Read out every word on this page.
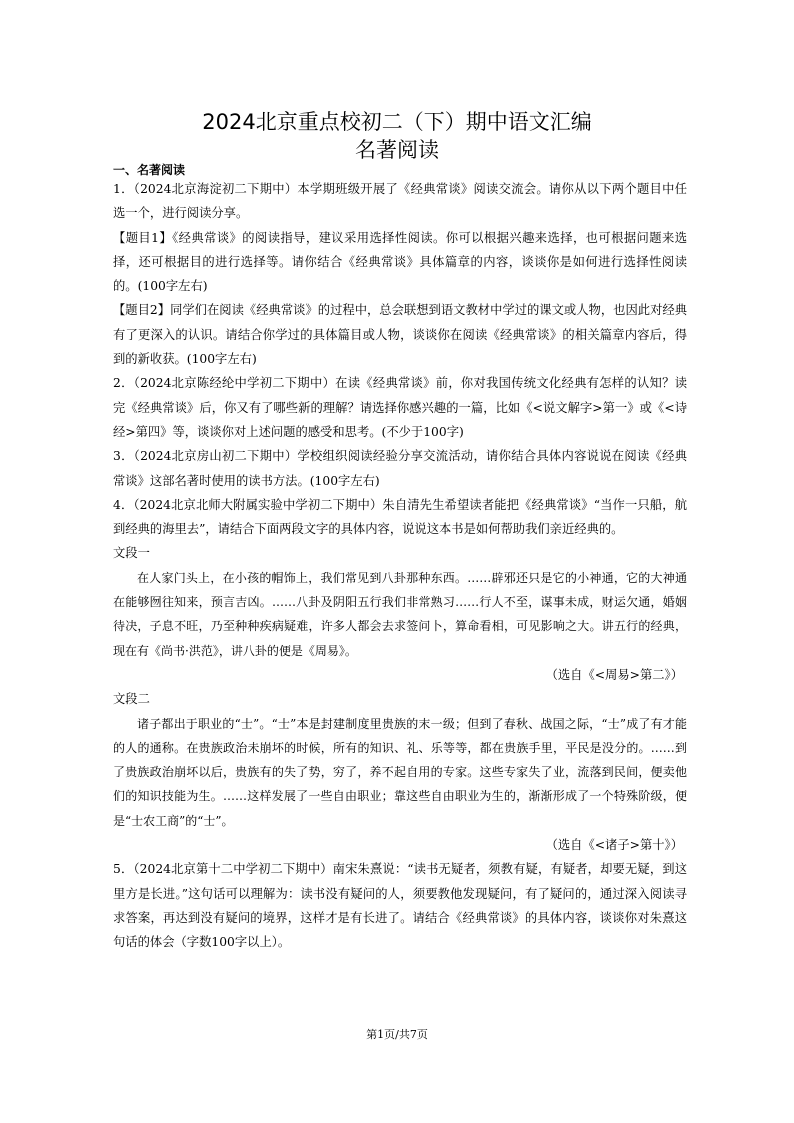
2024北京重点校初二（下）期中语文汇编
名著阅读
一、名著阅读

1．（2024北京海淀初二下期中）本学期班级开展了《经典常谈》阅读交流会。请你从以下两个题目中任选一个，进行阅读分享。

【题目1】《经典常谈》的阅读指导，建议采用选择性阅读。你可以根据兴趣来选择，也可根据问题来选择，还可根据目的进行选择等。请你结合《经典常谈》具体篇章的内容，谈谈你是如何进行选择性阅读的。(100字左右)

【题目2】同学们在阅读《经典常谈》的过程中，总会联想到语文教材中学过的课文或人物，也因此对经典有了更深入的认识。请结合你学过的具体篇目或人物，谈谈你在阅读《经典常谈》的相关篇章内容后，得到的新收获。(100字左右)

2．（2024北京陈经纶中学初二下期中）在读《经典常谈》前，你对我国传统文化经典有怎样的认知？读完《经典常谈》后，你又有了哪些新的理解？请选择你感兴趣的一篇，比如《<说文解字>第一》或《<诗经>第四》等，谈谈你对上述问题的感受和思考。(不少于100字)

3．（2024北京房山初二下期中）学校组织阅读经验分享交流活动，请你结合具体内容说说在阅读《经典常谈》这部名著时使用的读书方法。(100字左右)

4．（2024北京北师大附属实验中学初二下期中）朱自清先生希望读者能把《经典常谈》“当作一只船，航到经典的海里去”，请结合下面两段文字的具体内容，说说这本书是如何帮助我们亲近经典的。

文段一

在人家门头上，在小孩的帽饰上，我们常见到八卦那种东西。……辟邪还只是它的小神通，它的大神通在能够囫往知来，预言吉凶。……八卦及阴阳五行我们非常熟习……行人不至，谋事未成，财运欠通，婚姻待决，子息不旺，乃至种种疾病疑难，许多人都会去求签问卜，算命看相，可见影响之大。讲五行的经典，现在有《尚书·洪范》，讲八卦的便是《周易》。

（选自《<周易>第二》）

文段二

诸子都出于职业的“士”。“士”本是封建制度里贵族的末一级；但到了春秋、战国之际，“士”成了有才能的人的通称。在贵族政治未崩坏的时候，所有的知识、礼、乐等等，都在贵族手里，平民是没分的。……到了贵族政治崩坏以后，贵族有的失了势，穷了，养不起自用的专家。这些专家失了业，流落到民间，便卖他们的知识技能为生。……这样发展了一些自由职业；靠这些自由职业为生的，渐渐形成了一个特殊阶级，便是“士农工商”的“士”。

（选自《<诸子>第十》）

5．（2024北京第十二中学初二下期中）南宋朱熹说：“读书无疑者，须教有疑，有疑者，却要无疑，到这里方是长进。”这句话可以理解为：读书没有疑问的人，须要教他发现疑问，有了疑问的，通过深入阅读寻求答案，再达到没有疑问的境界，这样才是有长进了。请结合《经典常谈》的具体内容，谈谈你对朱熹这句话的体会（字数100字以上）。

第1页/共7页
